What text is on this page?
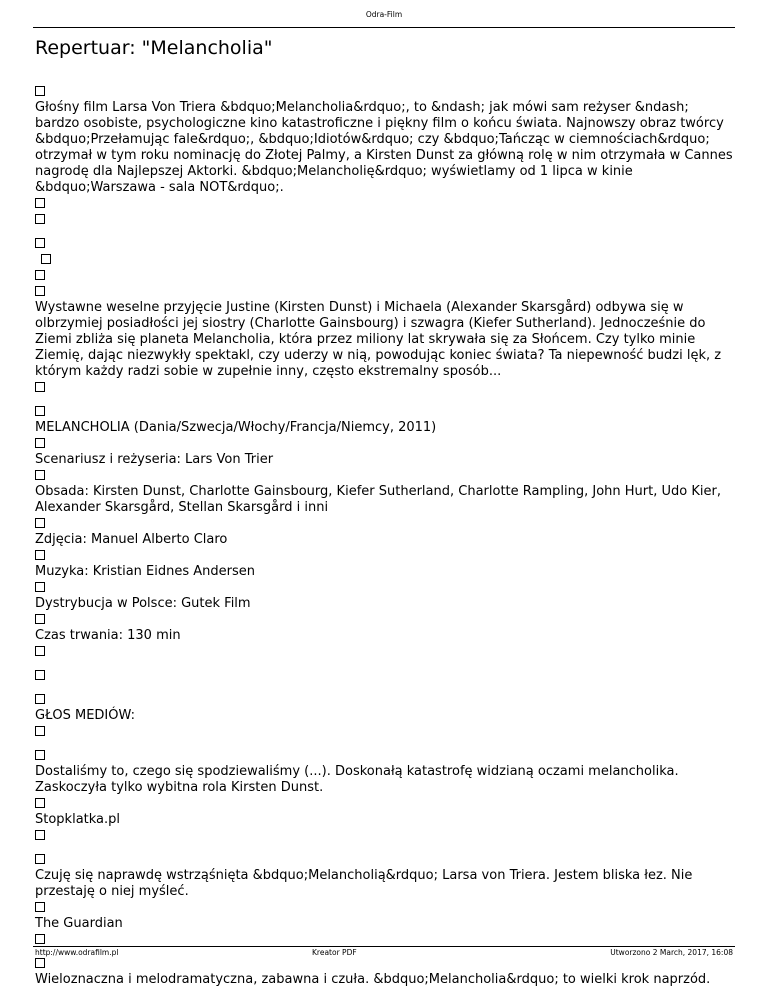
Odra-Film
Repertuar: "Melancholia"
Głośny film Larsa Von Triera &bdquo;Melancholia&rdquo;, to &ndash; jak mówi sam reżyser &ndash; bardzo osobiste, psychologiczne kino katastroficzne i piękny film o końcu świata. Najnowszy obraz twórcy &bdquo;Przełamując fale&rdquo;, &bdquo;Idiotów&rdquo; czy &bdquo;Tańcząc w ciemnościach&rdquo; otrzymał w tym roku nominację do Złotej Palmy, a Kirsten Dunst za główną rolę w nim otrzymała w Cannes nagrodę dla Najlepszej Aktorki. &bdquo;Melancholię&rdquo; wyświetlamy od 1 lipca w kinie &bdquo;Warszawa - sala NOT&rdquo;.
Wystawne weselne przyjęcie Justine (Kirsten Dunst) i Michaela (Alexander Skarsgård) odbywa się w olbrzymiej posiadłości jej siostry (Charlotte Gainsbourg) i szwagra (Kiefer Sutherland). Jednocześnie do Ziemi zbliża się planeta Melancholia, która przez miliony lat skrywała się za Słońcem. Czy tylko minie Ziemię, dając niezwykły spektakl, czy uderzy w nią, powodując koniec świata? Ta niepewność budzi lęk, z którym każdy radzi sobie w zupełnie inny, często ekstremalny sposób...
MELANCHOLIA (Dania/Szwecja/Włochy/Francja/Niemcy, 2011)
Scenariusz i reżyseria: Lars Von Trier
Obsada: Kirsten Dunst, Charlotte Gainsbourg, Kiefer Sutherland, Charlotte Rampling, John Hurt, Udo Kier, Alexander Skarsgård, Stellan Skarsgård i inni
Zdjęcia: Manuel Alberto Claro
Muzyka: Kristian Eidnes Andersen
Dystrybucja w Polsce: Gutek Film
Czas trwania: 130 min
GŁOS MEDIÓW:
Dostaliśmy to, czego się spodziewaliśmy (...). Doskonałą katastrofę widzianą oczami melancholika. Zaskoczyła tylko wybitna rola Kirsten Dunst.
Stopklatka.pl
Czuję się naprawdę wstrząśnięta &bdquo;Melancholią&rdquo; Larsa von Triera. Jestem bliska łez. Nie przestaję o niej myśleć.
The Guardian
Wieloznaczna i melodramatyczna, zabawna i czuła. &bdquo;Melancholia&rdquo; to wielki krok naprzód.
http://www.odrafilm.pl	Kreator PDF	Utworzono 2 March, 2017, 16:08
